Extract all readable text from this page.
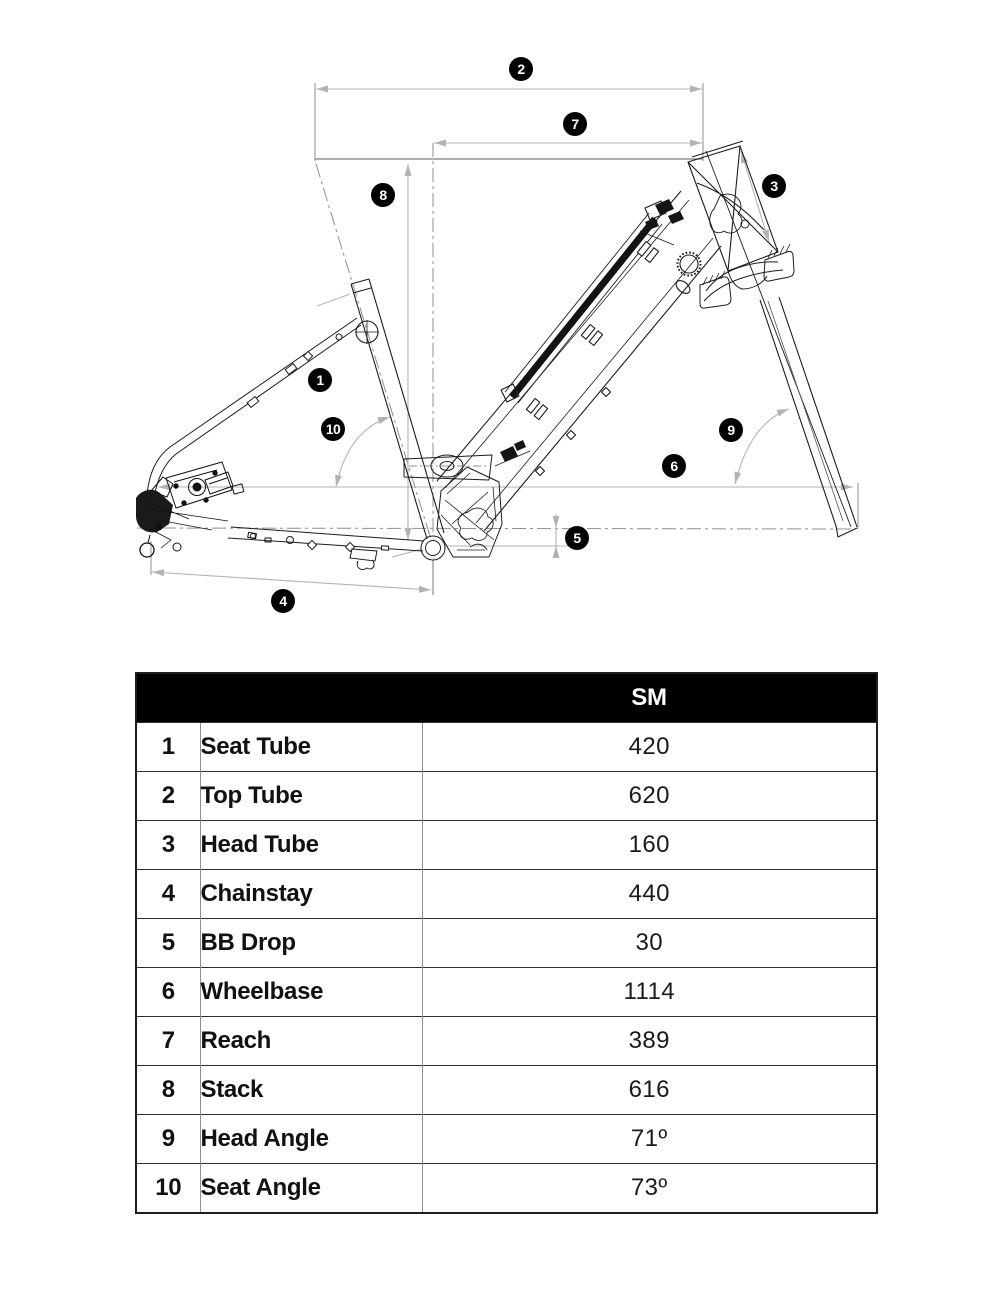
1
2
3
4
5
6
7
8
9
10
		SM
1	Seat Tube	420
2	Top Tube	620
3	Head Tube	160
4	Chainstay	440
5	BB Drop	30
6	Wheelbase	1114
7	Reach	389
8	Stack	616
9	Head Angle	71º
10	Seat Angle	73º
